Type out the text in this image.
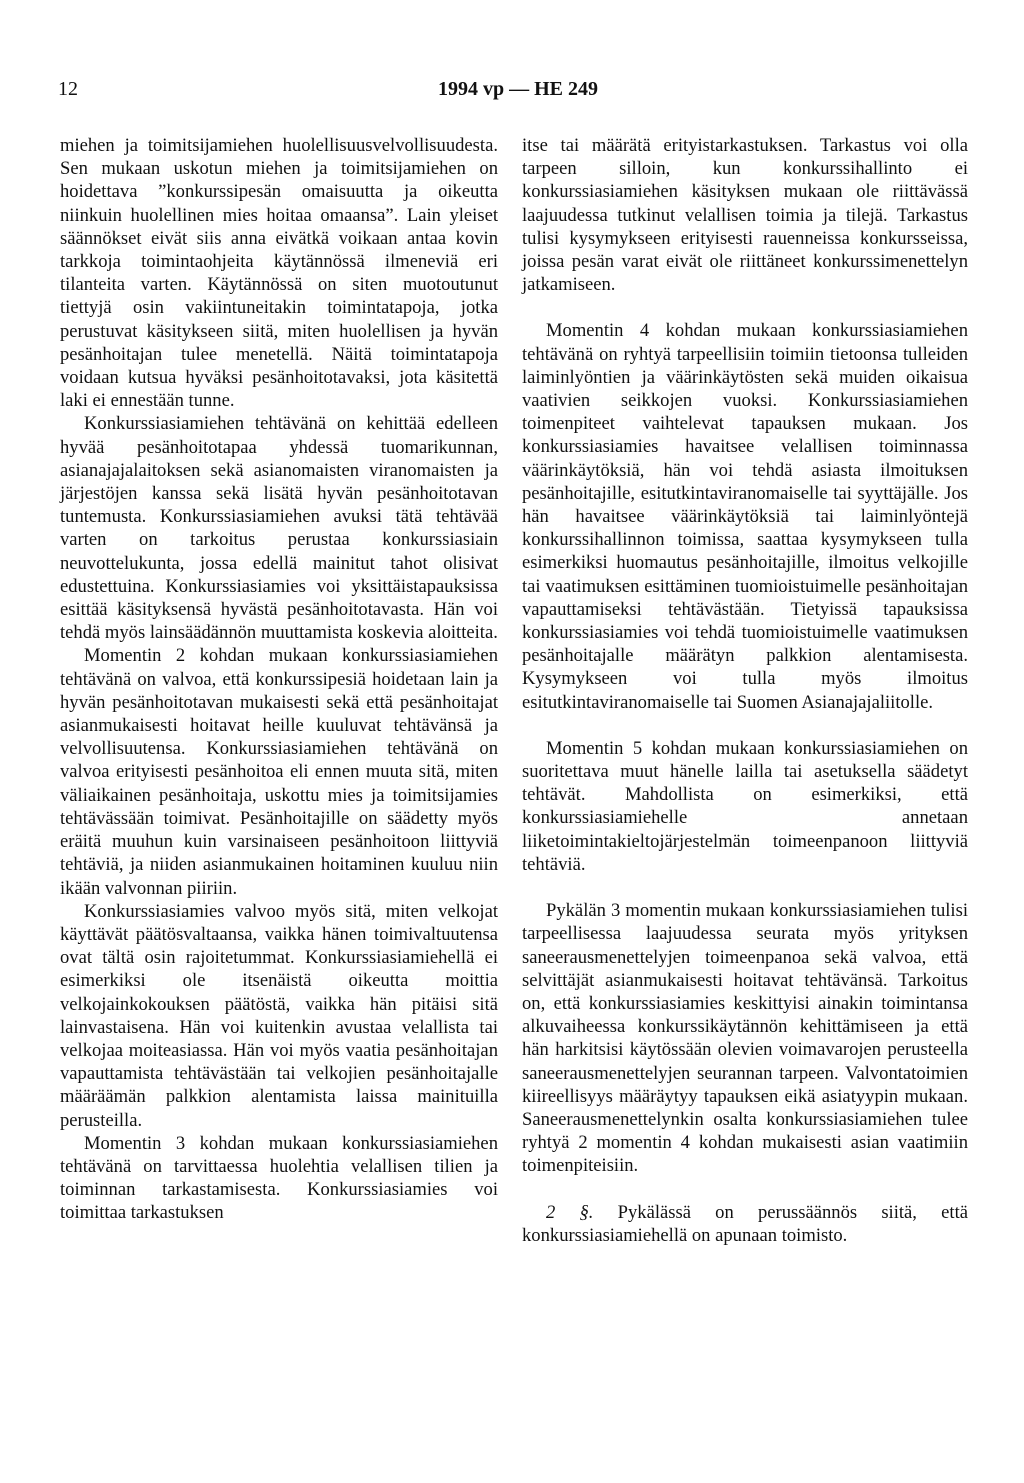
12	1994 vp — HE 249

miehen ja toimitsijamiehen huolellisuusvelvollisuudesta. Sen mukaan uskotun miehen ja toimitsijamiehen on hoidettava ”konkurssipesän omaisuutta ja oikeutta niinkuin huolellinen mies hoitaa omaansa”. Lain yleiset säännökset eivät siis anna eivätkä voikaan antaa kovin tarkkoja toimintaohjeita käytännössä ilmeneviä eri tilanteita varten. Käytännössä on siten muotoutunut tiettyjä osin vakiintuneitakin toimintatapoja, jotka perustuvat käsitykseen siitä, miten huolellisen ja hyvän pesänhoitajan tulee menetellä. Näitä toimintatapoja voidaan kutsua hyväksi pesänhoitotavaksi, jota käsitettä laki ei ennestään tunne.

Konkurssiasiamiehen tehtävänä on kehittää edelleen hyvää pesänhoitotapaa yhdessä tuomarikunnan, asianajajalaitoksen sekä asianomaisten viranomaisten ja järjestöjen kanssa sekä lisätä hyvän pesänhoitotavan tuntemusta. Konkurssiasiamiehen avuksi tätä tehtävää varten on tarkoitus perustaa konkurssiasiain neuvottelukunta, jossa edellä mainitut tahot olisivat edustettuina. Konkurssiasiamies voi yksittäistapauksissa esittää käsityksensä hyvästä pesänhoitotavasta. Hän voi tehdä myös lainsäädännön muuttamista koskevia aloitteita.

Momentin 2 kohdan mukaan konkurssiasiamiehen tehtävänä on valvoa, että konkurssipesiä hoidetaan lain ja hyvän pesänhoitotavan mukaisesti sekä että pesänhoitajat asianmukaisesti hoitavat heille kuuluvat tehtävänsä ja velvollisuutensa. Konkurssiasiamiehen tehtävänä on valvoa erityisesti pesänhoitoa eli ennen muuta sitä, miten väliaikainen pesänhoitaja, uskottu mies ja toimitsijamies tehtävässään toimivat. Pesänhoitajille on säädetty myös eräitä muuhun kuin varsinaiseen pesänhoitoon liittyviä tehtäviä, ja niiden asianmukainen hoitaminen kuuluu niin ikään valvonnan piiriin.

Konkurssiasiamies valvoo myös sitä, miten velkojat käyttävät päätösvaltaansa, vaikka hänen toimivaltuutensa ovat tältä osin rajoitetummat. Konkurssiasiamiehellä ei esimerkiksi ole itsenäistä oikeutta moittia velkojainkokouksen päätöstä, vaikka hän pitäisi sitä lainvastaisena. Hän voi kuitenkin avustaa velallista tai velkojaa moiteasiassa. Hän voi myös vaatia pesänhoitajan vapauttamista tehtävästään tai velkojien pesänhoitajalle määräämän palkkion alentamista laissa mainituilla perusteilla.

Momentin 3 kohdan mukaan konkurssiasiamiehen tehtävänä on tarvittaessa huolehtia velallisen tilien ja toiminnan tarkastamisesta. Konkurssiasiamies voi toimittaa tarkastuksen

itse tai määrätä erityistarkastuksen. Tarkastus voi olla tarpeen silloin, kun konkurssihallinto ei konkurssiasiamiehen käsityksen mukaan ole riittävässä laajuudessa tutkinut velallisen toimia ja tilejä. Tarkastus tulisi kysymykseen erityisesti rauenneissa konkursseissa, joissa pesän varat eivät ole riittäneet konkurssimenettelyn jatkamiseen.

Momentin 4 kohdan mukaan konkurssiasiamiehen tehtävänä on ryhtyä tarpeellisiin toimiin tietoonsa tulleiden laiminlyöntien ja väärinkäytösten sekä muiden oikaisua vaativien seikkojen vuoksi. Konkurssiasiamiehen toimenpiteet vaihtelevat tapauksen mukaan. Jos konkurssiasiamies havaitsee velallisen toiminnassa väärinkäytöksiä, hän voi tehdä asiasta ilmoituksen pesänhoitajille, esitutkintaviranomaiselle tai syyttäjälle. Jos hän havaitsee väärinkäytöksiä tai laiminlyöntejä konkurssihallinnon toimissa, saattaa kysymykseen tulla esimerkiksi huomautus pesänhoitajille, ilmoitus velkojille tai vaatimuksen esittäminen tuomioistuimelle pesänhoitajan vapauttamiseksi tehtävästään. Tietyissä tapauksissa konkurssiasiamies voi tehdä tuomioistuimelle vaatimuksen pesänhoitajalle määrätyn palkkion alentamisesta. Kysymykseen voi tulla myös ilmoitus esitutkintaviranomaiselle tai Suomen Asianajajaliitolle.

Momentin 5 kohdan mukaan konkurssiasiamiehen on suoritettava muut hänelle lailla tai asetuksella säädetyt tehtävät. Mahdollista on esimerkiksi, että konkurssiasiamiehelle annetaan liiketoimintakieltojärjestelmän toimeenpanoon liittyviä tehtäviä.

Pykälän 3 momentin mukaan konkurssiasiamiehen tulisi tarpeellisessa laajuudessa seurata myös yrityksen saneerausmenettelyjen toimeenpanoa sekä valvoa, että selvittäjät asianmukaisesti hoitavat tehtävänsä. Tarkoitus on, että konkurssiasiamies keskittyisi ainakin toimintansa alkuvaiheessa konkurssikäytännön kehittämiseen ja että hän harkitsisi käytössään olevien voimavarojen perusteella saneerausmenettelyjen seurannan tarpeen. Valvontatoimien kiireellisyys määräytyy tapauksen eikä asiatyypin mukaan. Saneerausmenettelynkin osalta konkurssiasiamiehen tulee ryhtyä 2 momentin 4 kohdan mukaisesti asian vaatimiin toimenpiteisiin.

2 §. Pykälässä on perussäännös siitä, että konkurssiasiamiehellä on apunaan toimisto.
